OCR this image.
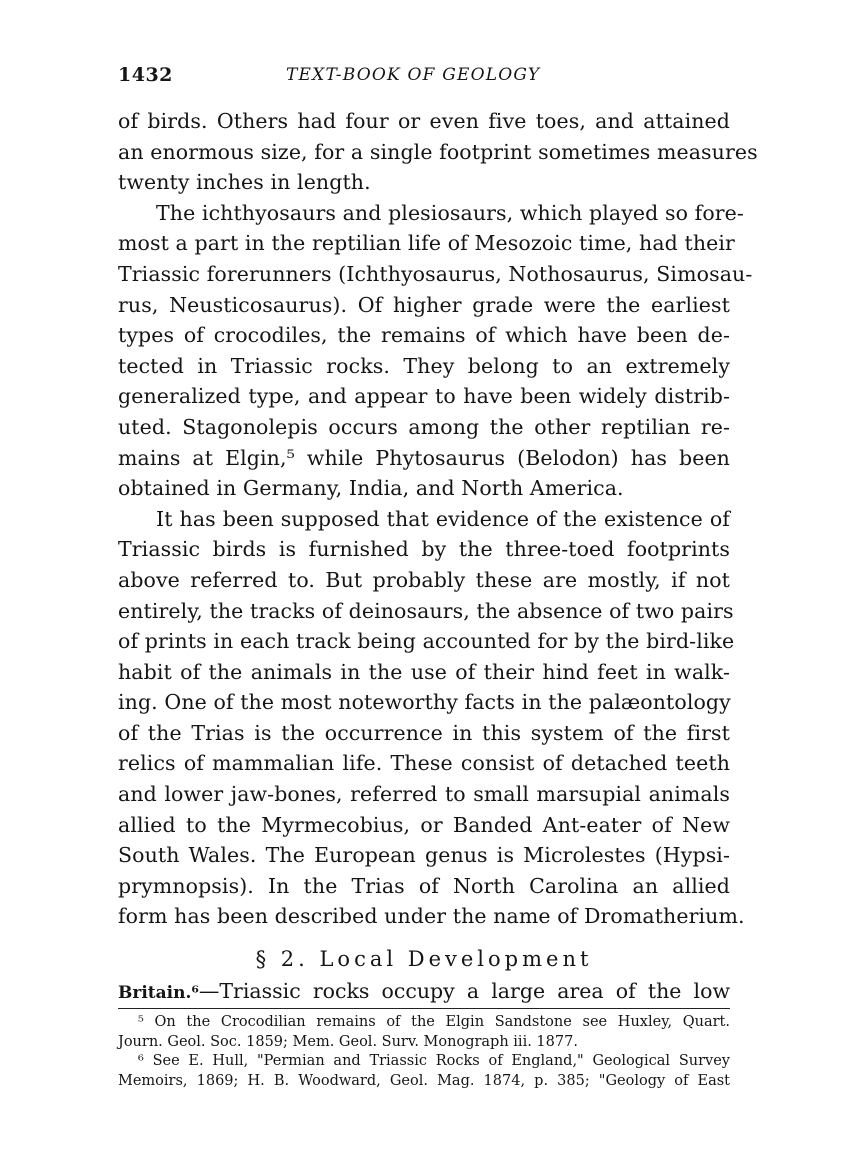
1432	TEXT-BOOK OF GEOLOGY
of birds. Others had four or even five toes, and attained
an enormous size, for a single footprint sometimes measures
twenty inches in length.
The ichthyosaurs and plesiosaurs, which played so fore-
most a part in the reptilian life of Mesozoic time, had their
Triassic forerunners (Ichthyosaurus, Nothosaurus, Simosau-
rus, Neusticosaurus). Of higher grade were the earliest
types of crocodiles, the remains of which have been de-
tected in Triassic rocks. They belong to an extremely
generalized type, and appear to have been widely distrib-
uted. Stagonolepis occurs among the other reptilian re-
mains at Elgin,⁵ while Phytosaurus (Belodon) has been
obtained in Germany, India, and North America.
It has been supposed that evidence of the existence of
Triassic birds is furnished by the three-toed footprints
above referred to. But probably these are mostly, if not
entirely, the tracks of deinosaurs, the absence of two pairs
of prints in each track being accounted for by the bird-like
habit of the animals in the use of their hind feet in walk-
ing. One of the most noteworthy facts in the palæontology
of the Trias is the occurrence in this system of the first
relics of mammalian life. These consist of detached teeth
and lower jaw-bones, referred to small marsupial animals
allied to the Myrmecobius, or Banded Ant-eater of New
South Wales. The European genus is Microlestes (Hypsi-
prymnopsis). In the Trias of North Carolina an allied
form has been described under the name of Dromatherium.
§ 2. Local Development
Britain.⁶—Triassic rocks occupy a large area of the low
⁵ On the Crocodilian remains of the Elgin Sandstone see Huxley, Quart.
Journ. Geol. Soc. 1859; Mem. Geol. Surv. Monograph iii. 1877.
⁶ See E. Hull, "Permian and Triassic Rocks of England," Geological Survey
Memoirs, 1869; H. B. Woodward, Geol. Mag. 1874, p. 385; "Geology of East
